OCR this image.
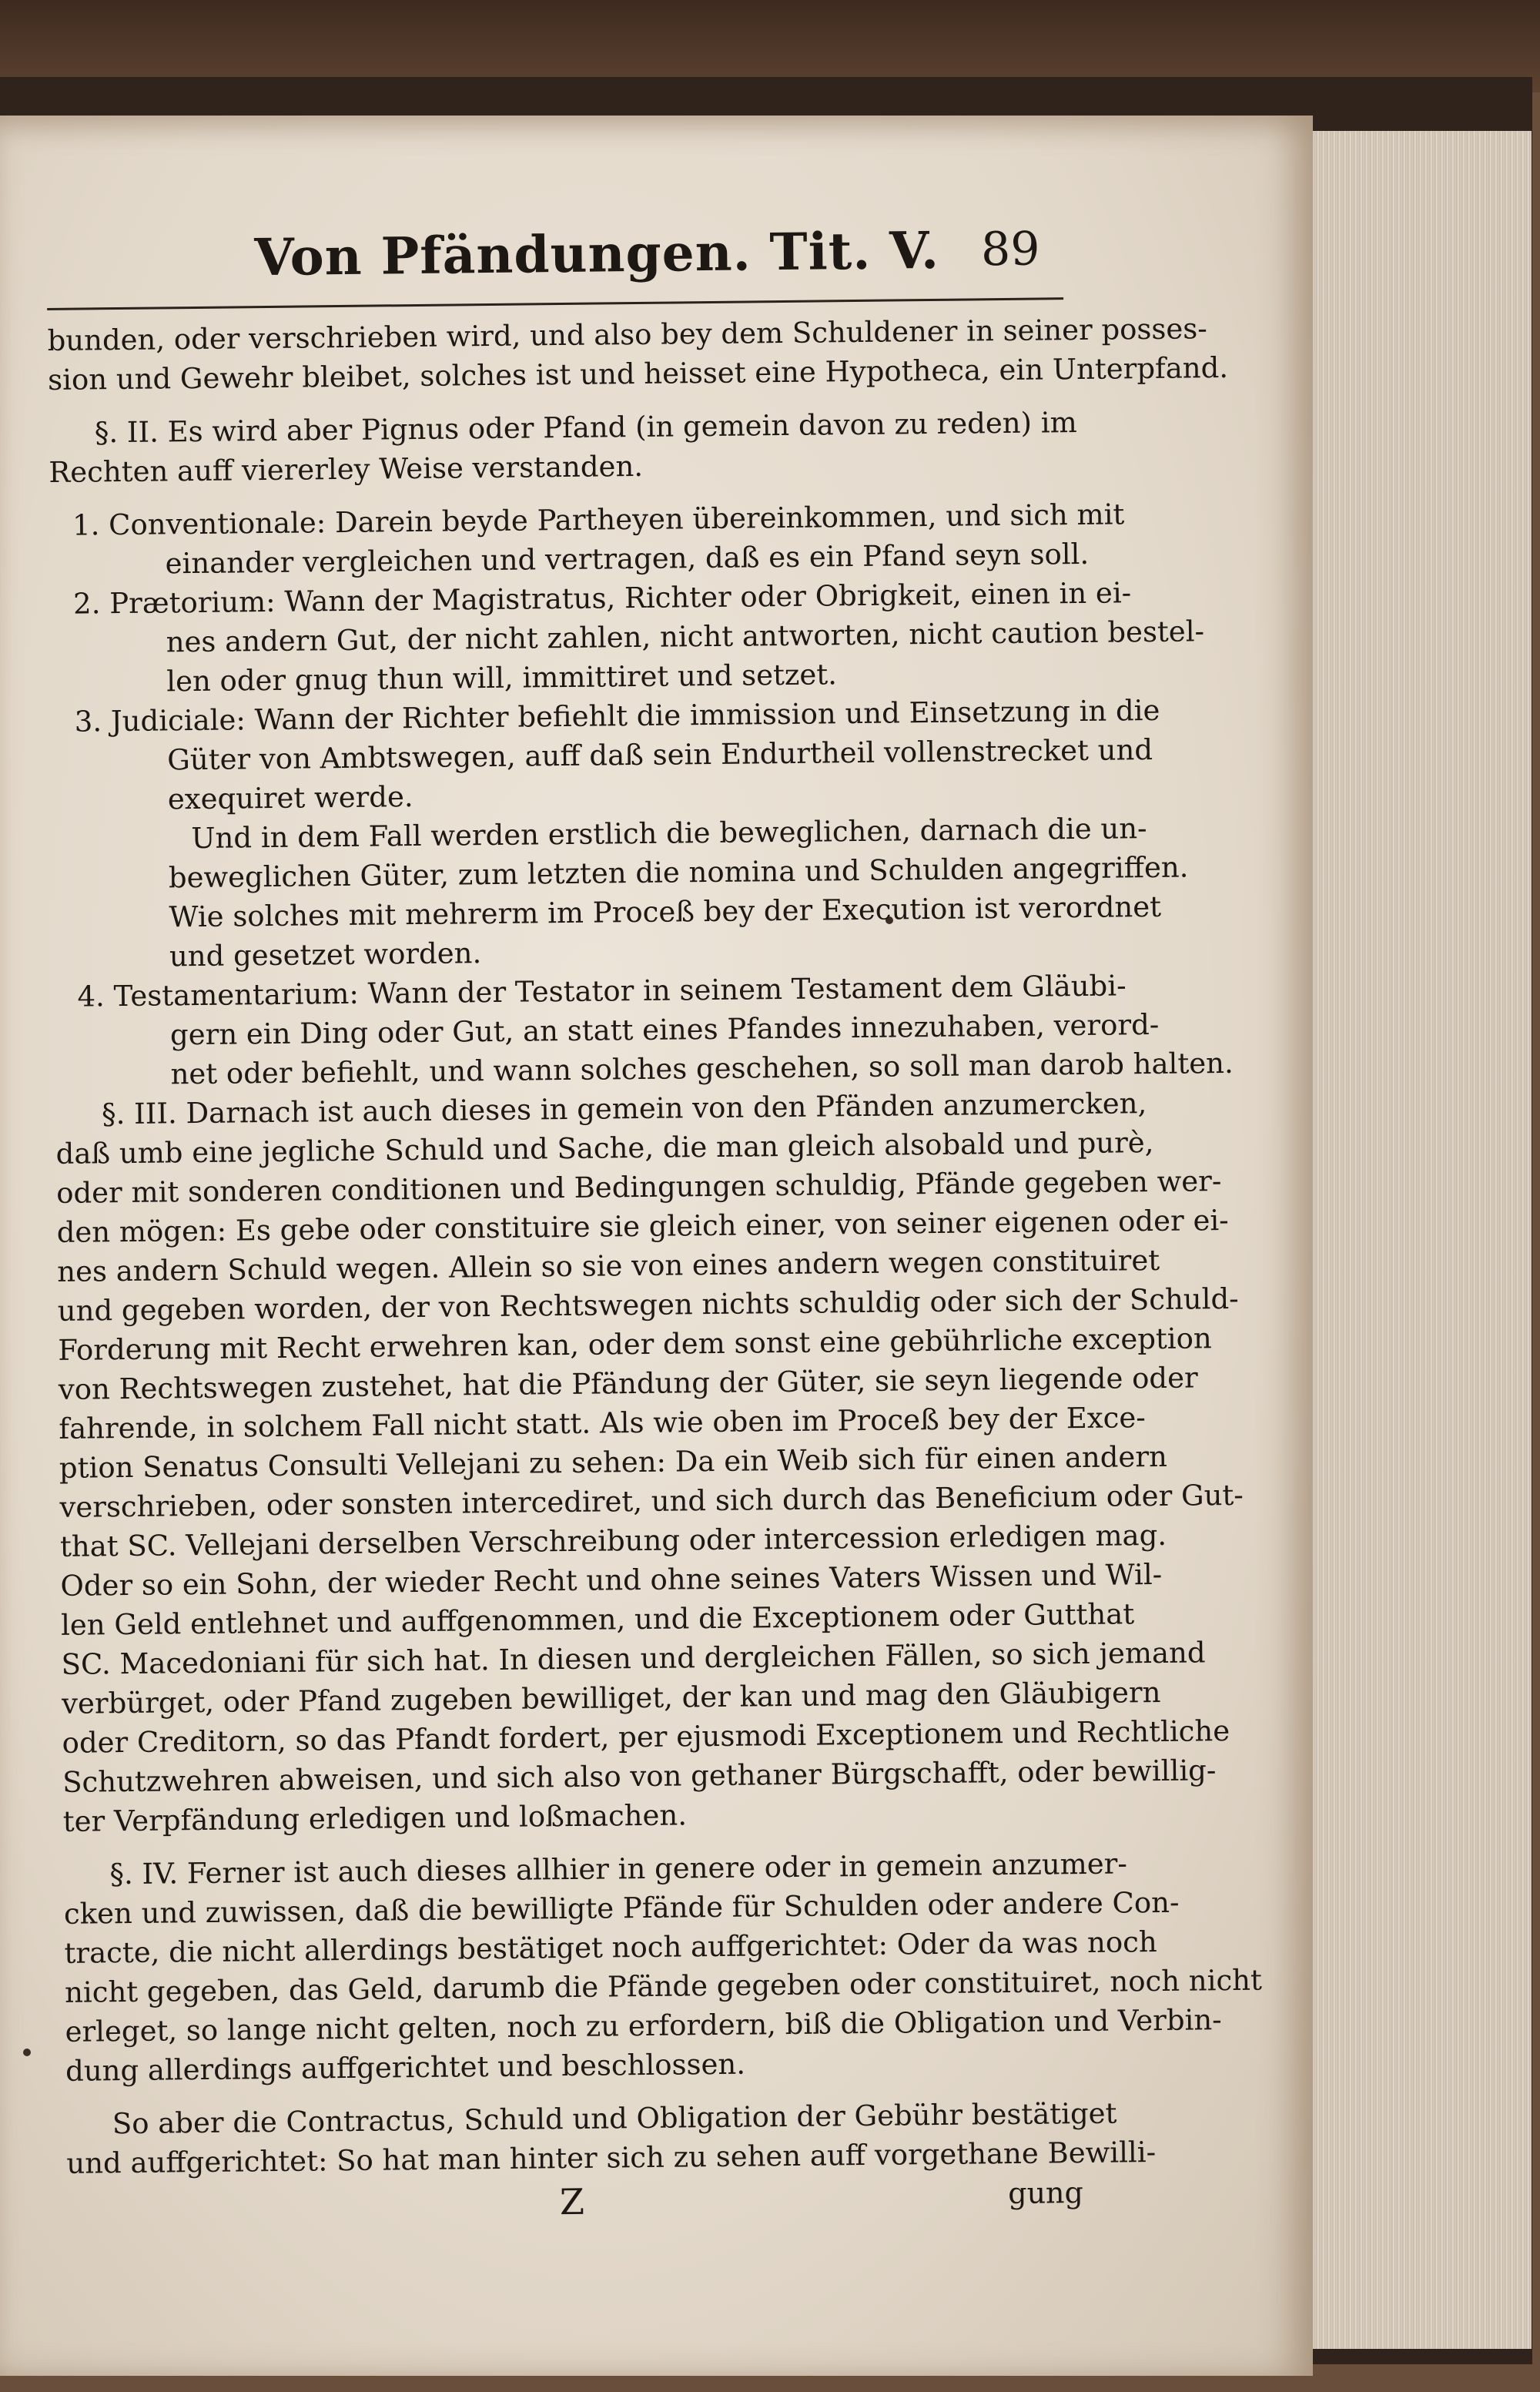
Von Pfändungen. Tit. V. 89
bunden, oder verschrieben wird, und also bey dem Schuldener in seiner posses-
sion und Gewehr bleibet, solches ist und heisset eine Hypotheca, ein Unterpfand.
§. II. Es wird aber Pignus oder Pfand (in gemein davon zu reden) im
Rechten auff viererley Weise verstanden.
1. Conventionale: Darein beyde Partheyen übereinkommen, und sich mit
einander vergleichen und vertragen, daß es ein Pfand seyn soll.
2. Prætorium: Wann der Magistratus, Richter oder Obrigkeit, einen in ei-
nes andern Gut, der nicht zahlen, nicht antworten, nicht caution bestel-
len oder gnug thun will, immittiret und setzet.
3. Judiciale: Wann der Richter befiehlt die immission und Einsetzung in die
Güter von Ambtswegen, auff daß sein Endurtheil vollenstrecket und
exequiret werde.
Und in dem Fall werden erstlich die beweglichen, darnach die un-
beweglichen Güter, zum letzten die nomina und Schulden angegriffen.
Wie solches mit mehrerm im Proceß bey der Execution ist verordnet
und gesetzet worden.
4. Testamentarium: Wann der Testator in seinem Testament dem Gläubi-
gern ein Ding oder Gut, an statt eines Pfandes innezuhaben, verord-
net oder befiehlt, und wann solches geschehen, so soll man darob halten.
§. III. Darnach ist auch dieses in gemein von den Pfänden anzumercken,
daß umb eine jegliche Schuld und Sache, die man gleich alsobald und purè,
oder mit sonderen conditionen und Bedingungen schuldig, Pfände gegeben wer-
den mögen: Es gebe oder constituire sie gleich einer, von seiner eigenen oder ei-
nes andern Schuld wegen. Allein so sie von eines andern wegen constituiret
und gegeben worden, der von Rechtswegen nichts schuldig oder sich der Schuld-
Forderung mit Recht erwehren kan, oder dem sonst eine gebührliche exception
von Rechtswegen zustehet, hat die Pfändung der Güter, sie seyn liegende oder
fahrende, in solchem Fall nicht statt. Als wie oben im Proceß bey der Exce-
ption Senatus Consulti Vellejani zu sehen: Da ein Weib sich für einen andern
verschrieben, oder sonsten intercediret, und sich durch das Beneficium oder Gut-
that SC. Vellejani derselben Verschreibung oder intercession erledigen mag.
Oder so ein Sohn, der wieder Recht und ohne seines Vaters Wissen und Wil-
len Geld entlehnet und auffgenommen, und die Exceptionem oder Gutthat
SC. Macedoniani für sich hat. In diesen und dergleichen Fällen, so sich jemand
verbürget, oder Pfand zugeben bewilliget, der kan und mag den Gläubigern
oder Creditorn, so das Pfandt fordert, per ejusmodi Exceptionem und Rechtliche
Schutzwehren abweisen, und sich also von gethaner Bürgschafft, oder bewillig-
ter Verpfändung erledigen und loßmachen.
§. IV. Ferner ist auch dieses allhier in genere oder in gemein anzumer-
cken und zuwissen, daß die bewilligte Pfände für Schulden oder andere Con-
tracte, die nicht allerdings bestätiget noch auffgerichtet: Oder da was noch
nicht gegeben, das Geld, darumb die Pfände gegeben oder constituiret, noch nicht
erleget, so lange nicht gelten, noch zu erfordern, biß die Obligation und Verbin-
dung allerdings auffgerichtet und beschlossen.
So aber die Contractus, Schuld und Obligation der Gebühr bestätiget
und auffgerichtet: So hat man hinter sich zu sehen auff vorgethane Bewilli-
Z	gung
